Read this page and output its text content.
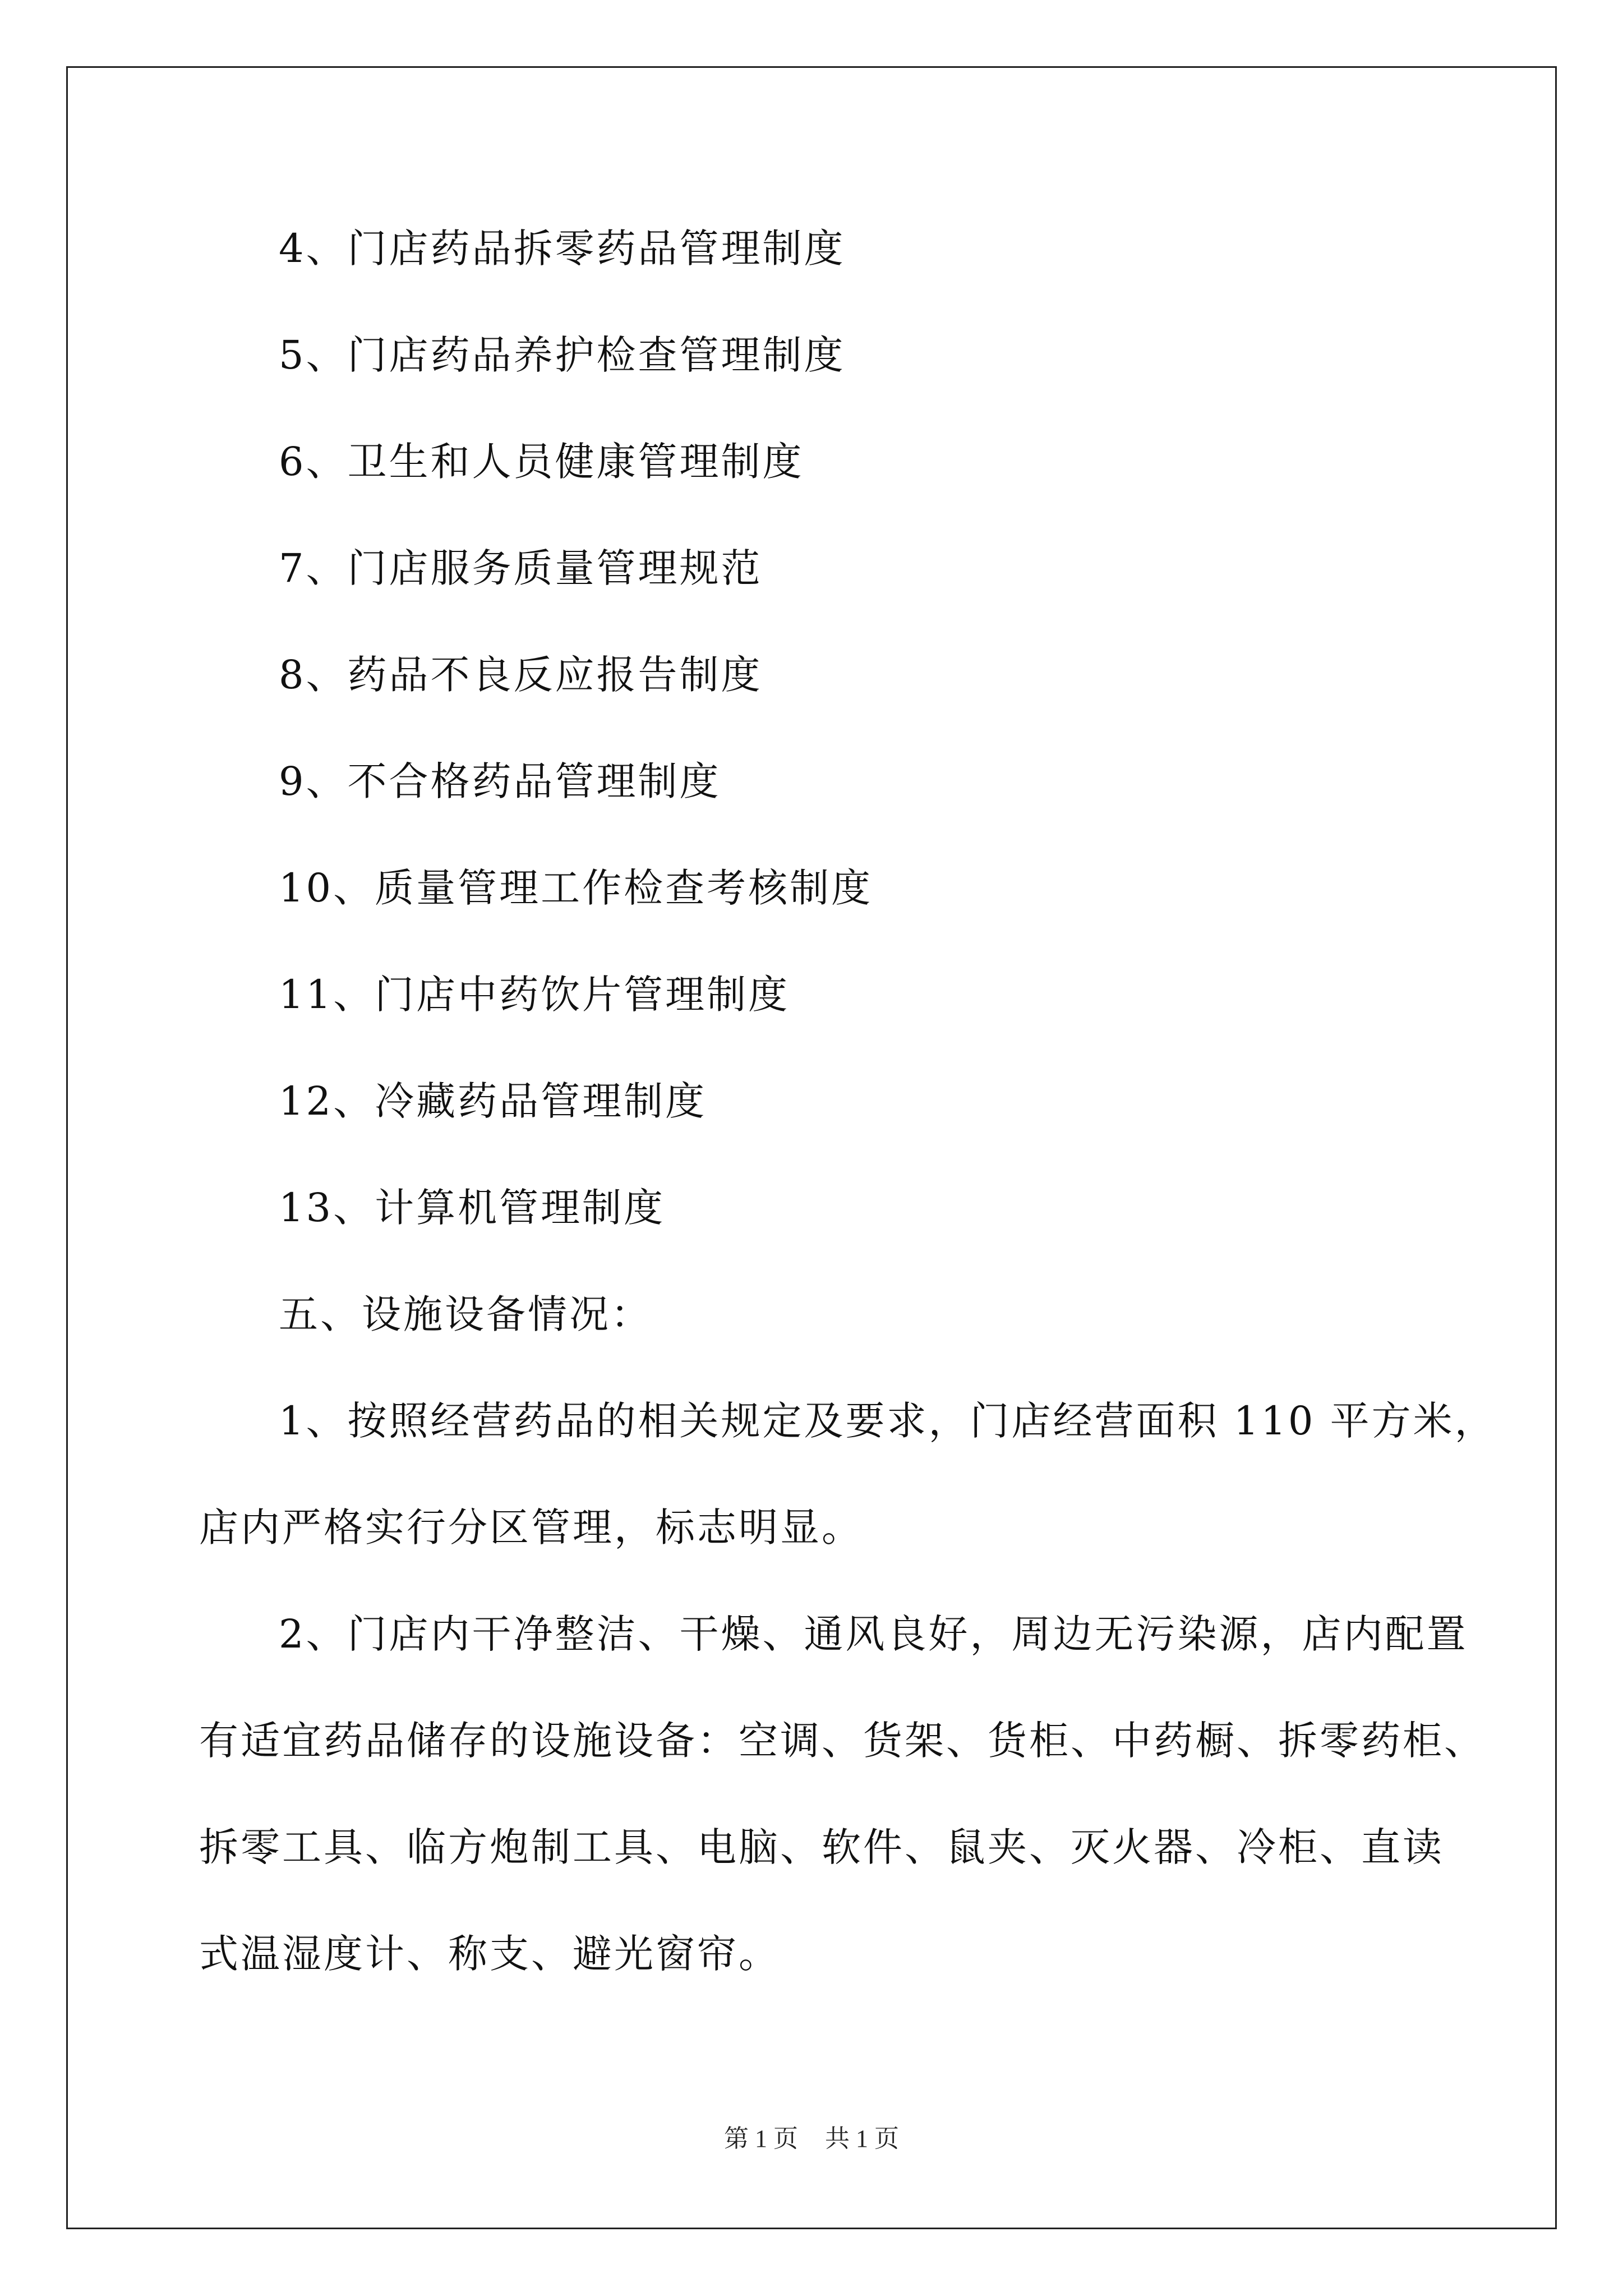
4、门店药品拆零药品管理制度
5、门店药品养护检查管理制度
6、卫生和人员健康管理制度
7、门店服务质量管理规范
8、药品不良反应报告制度
9、不合格药品管理制度
10、质量管理工作检查考核制度
11、门店中药饮片管理制度
12、冷藏药品管理制度
13、计算机管理制度
五、设施设备情况：
1、按照经营药品的相关规定及要求，门店经营面积 110 平方米，
店内严格实行分区管理，标志明显。
2、门店内干净整洁、干燥、通风良好，周边无污染源，店内配置
有适宜药品储存的设施设备：空调、货架、货柜、中药橱、拆零药柜、
拆零工具、临方炮制工具、电脑、软件、鼠夹、灭火器、冷柜、直读
式温湿度计、称支、避光窗帘。
第 1 页 共 1 页
